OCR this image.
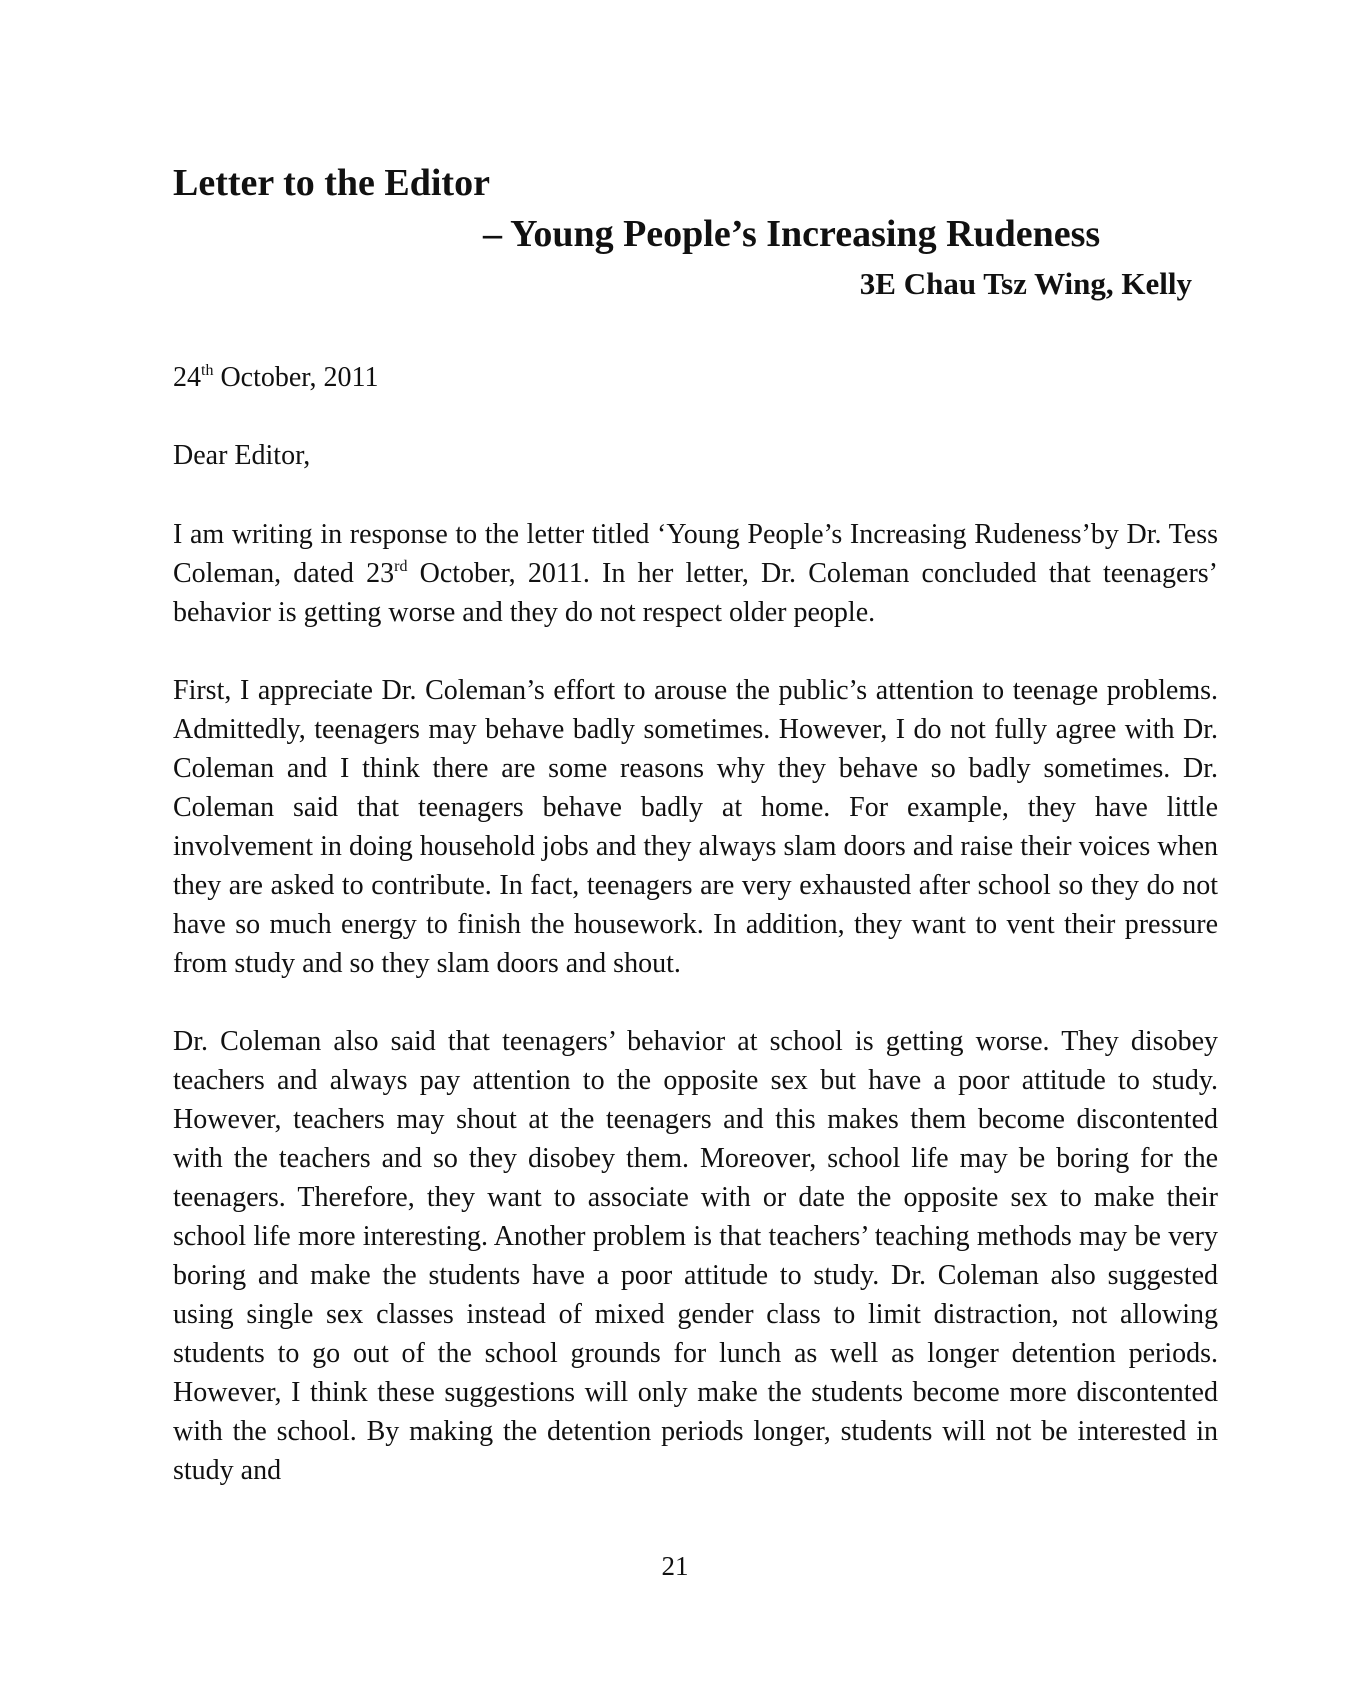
Letter to the Editor
– Young People’s Increasing Rudeness
3E Chau Tsz Wing, Kelly

24th October, 2011

Dear Editor,

I am writing in response to the letter titled ‘Young People’s Increasing Rudeness’by Dr. Tess Coleman, dated 23rd October, 2011. In her letter, Dr. Coleman concluded that teenagers’ behavior is getting worse and they do not respect older people.

First, I appreciate Dr. Coleman’s effort to arouse the public’s attention to teenage problems. Admittedly, teenagers may behave badly sometimes. However, I do not fully agree with Dr. Coleman and I think there are some reasons why they behave so badly sometimes. Dr. Coleman said that teenagers behave badly at home. For example, they have little involvement in doing household jobs and they always slam doors and raise their voices when they are asked to contribute. In fact, teenagers are very exhausted after school so they do not have so much energy to finish the housework. In addition, they want to vent their pressure from study and so they slam doors and shout.

Dr. Coleman also said that teenagers’ behavior at school is getting worse. They disobey teachers and always pay attention to the opposite sex but have a poor attitude to study. However, teachers may shout at the teenagers and this makes them become discontented with the teachers and so they disobey them. Moreover, school life may be boring for the teenagers. Therefore, they want to associate with or date the opposite sex to make their school life more interesting. Another problem is that teachers’ teaching methods may be very boring and make the students have a poor attitude to study. Dr. Coleman also suggested using single sex classes instead of mixed gender class to limit distraction, not allowing students to go out of the school grounds for lunch as well as longer detention periods. However, I think these suggestions will only make the students become more discontented with the school. By making the detention periods longer, students will not be interested in study and

21
